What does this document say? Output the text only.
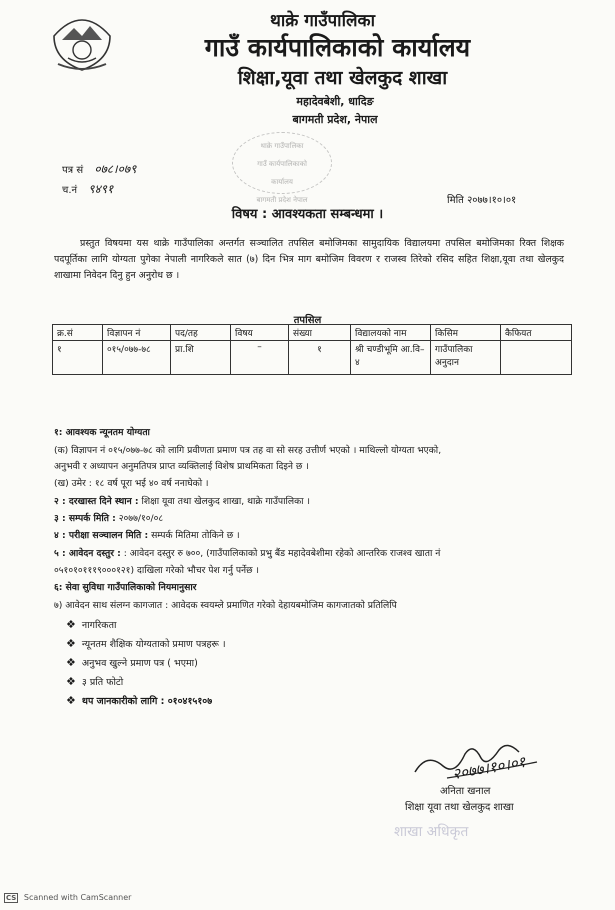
थाक्रे गाउँपालिका
गाउँ कार्यपालिकाको कार्यालय
शिक्षा,यूवा तथा खेलकुद शाखा
महादेवबेशी, धादिङ
बागमती प्रदेश, नेपाल
थाक्रे गाउँपालिका
गाउँ कार्यपालिकाको
कार्यालय
बागमती प्रदेश नेपाल
पत्र सं ०७८।०७९
च.नं ९४९१
मिति २०७७।१०।०१
विषय : आवश्यकता सम्बन्धमा ।
प्रस्तुत विषयमा यस थाक्रे गाउँपालिका अन्तर्गत सञ्चालित तपसिल बमोजिमका सामुदायिक विद्यालयमा तपसिल बमोजिमका रिक्त शिक्षक पदपूर्तिका लागि योग्यता पुगेका नेपाली नागरिकले सात (७) दिन भित्र माग बमोजिम विवरण र राजस्व तिरेको रसिद सहित शिक्षा,यूवा तथा खेलकुद शाखामा निवेदन दिनु हुन अनुरोध छ ।
तपसिल
क्र.सं	विज्ञापन नं	पद/तह	विषय	संख्या	विद्यालयको नाम	किसिम	कैफियत
१	०१५/०७७-७८	प्रा.शि	–	१	श्री चण्डीभूमि आ.वि–४	गाउँपालिका अनुदान	
१: आवश्यक न्यूनतम योग्यता
(क) विज्ञापन नं ०१५/०७७-७८ को लागि प्रवीणता प्रमाण पत्र तह वा सो सरह उत्तीर्ण भएको । माथिल्लो योग्यता भएको,
अनुभवी र अध्यापन अनुमतिपत्र प्राप्त व्यक्तिलाई विशेष प्राथमिकता दिइने छ ।
(ख) उमेर : १८ वर्ष पूरा भई ४० वर्ष ननाघेको ।
२ : दरखास्त दिने स्थान : शिक्षा यूवा तथा खेलकुद शाखा, थाक्रे गाउँपालिका ।
३ : सम्पर्क मिति : २०७७/१०/०८
४ : परीक्षा सञ्चालन मिति : सम्पर्क मितिमा तोकिने छ ।
५ : आवेदन दस्तुर : : आवेदन दस्तुर रु ७००, (गाउँपालिकाको प्रभु बैंड महादेवबेशीमा रहेको आन्तरिक राजश्व खाता नं
०५१०१०१११९०००१२१) दाखिला गरेको भौचर पेश गर्नु पर्नेछ ।
६: सेवा सुविधा गाउँपालिकाको नियमानुसार
७) आवेदन साथ संलग्न कागजात : आवेदक स्वयम्ले प्रमाणित गरेको देहायबमोजिम कागजातको प्रतिलिपि
❖ नागरिकता
❖ न्यूनतम शैक्षिक योग्यताको प्रमाण पत्रहरू ।
❖ अनुभव खुल्ने प्रमाण पत्र ( भएमा)
❖ ३ प्रति फोटो
❖ थप जानकारीको लागि : ०१०४१५१०७
२०७७।१०।०१
अनिता खनाल
शिक्षा यूवा तथा खेलकुद शाखा
शाखा अधिकृत
CS Scanned with CamScanner
